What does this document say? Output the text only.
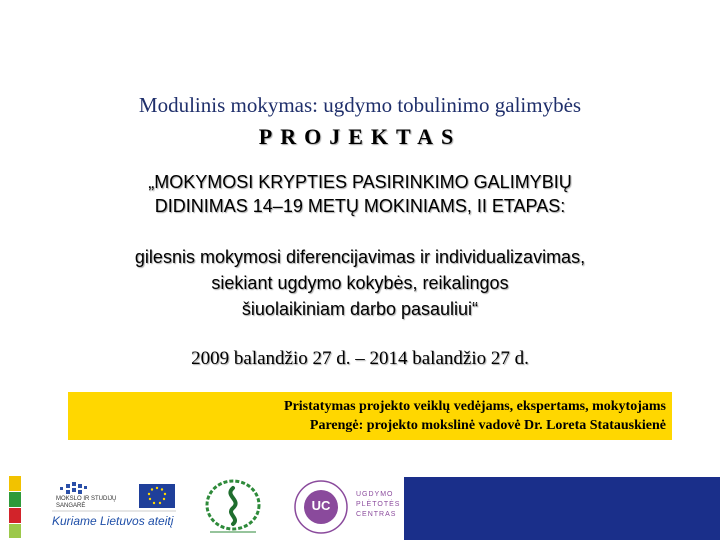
Modulinis mokymas: ugdymo tobulinimo galimybės
PROJEKTAS
„MOKYMOSI KRYPTIES PASIRINKIMO GALIMYBIŲ
DIDINIMAS 14–19 METŲ MOKINIAMS, II ETAPAS:
gilesnis mokymosi diferencijavimas ir individualizavimas,
siekiant ugdymo kokybės, reikalingos
šiuolaikiniam darbo pasauliui“
2009 balandžio 27 d. – 2014 balandžio 27 d.
Pristatymas projekto veiklų vedėjams, ekspertams, mokytojams
Parengė: projekto mokslinė vadovė Dr. Loreta Statauskienė
MOKSLO IR STUDIJŲ SANGARĖ
Kuriame Lietuvos ateitį
UC
UGDYMO
PLĖTOTĖS
CENTRAS
